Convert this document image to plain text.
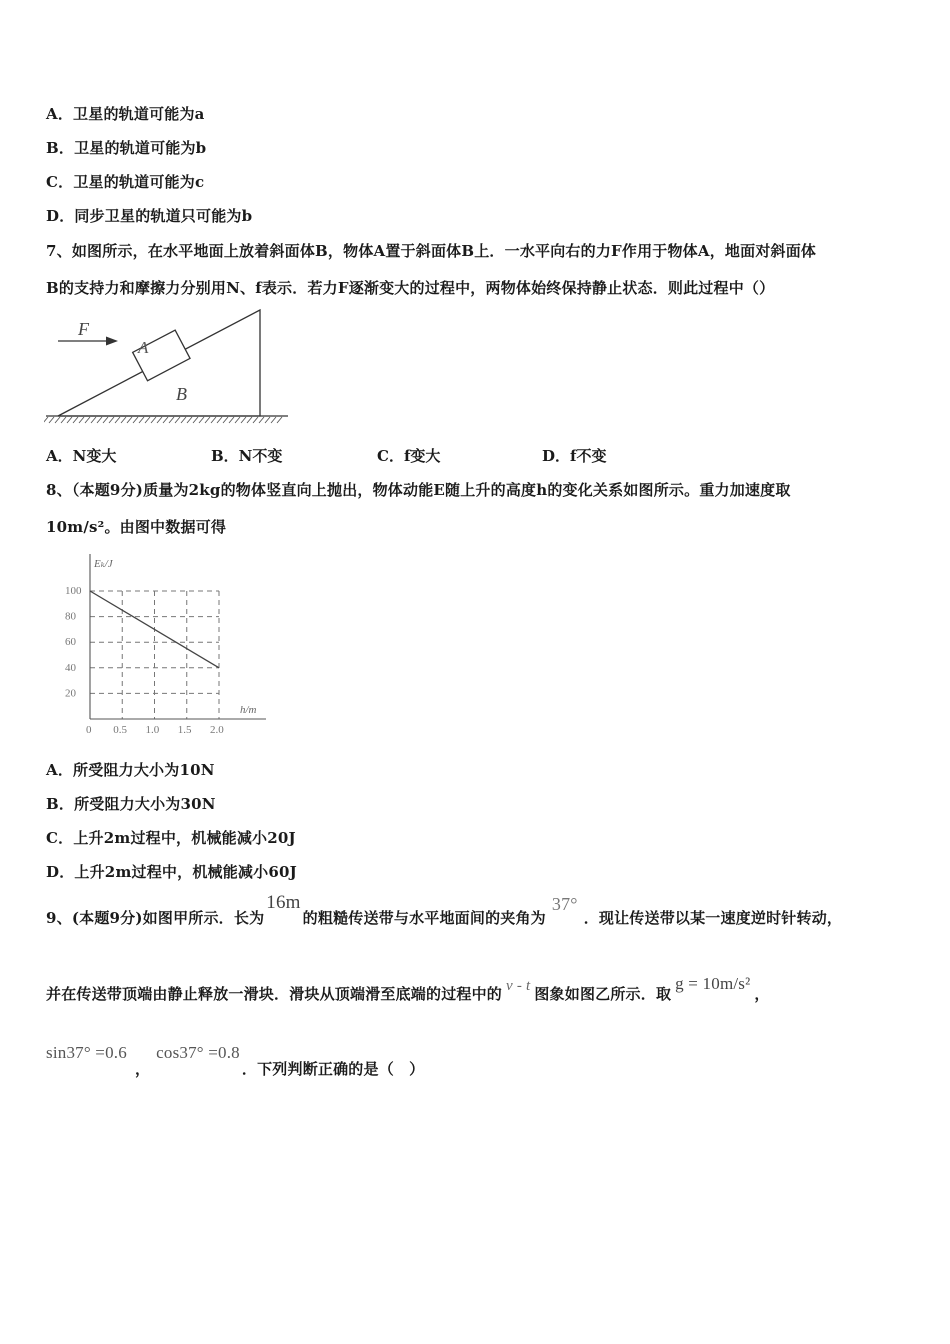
A．卫星的轨道可能为a
B．卫星的轨道可能为b
C．卫星的轨道可能为c
D．同步卫星的轨道只可能为b
7、如图所示，在水平地面上放着斜面体B，物体A置于斜面体B上．一水平向右的力F作用于物体A，地面对斜面体
B的支持力和摩擦力分别用N、f表示．若力F逐渐变大的过程中，两物体始终保持静止状态．则此过程中（）
F
A
B
A．N变大	B．N不变	C．f变大	D．f不变
8、（本题9分)质量为2kg的物体竖直向上抛出，物体动能E随上升的高度h的变化关系如图所示。重力加速度取
10m/s²。由图中数据可得
Eₖ/J
h/m
0 0.5 1.0 1.5 2.0
20
40
60
80
100
A．所受阻力大小为10N
B．所受阻力大小为30N
C．上升2m过程中，机械能减小20J
D．上升2m过程中，机械能减小60J
9、(本题9分)如图甲所示．长为16m的粗糙传送带与水平地面间的夹角为37°．现让传送带以某一速度逆时针转动，
并在传送带顶端由静止释放一滑块．滑块从顶端滑至底端的过程中的 v - t 图象如图乙所示．取g = 10m/s²，
sin37° =0.6，cos37° =0.8．下列判断正确的是（　）
